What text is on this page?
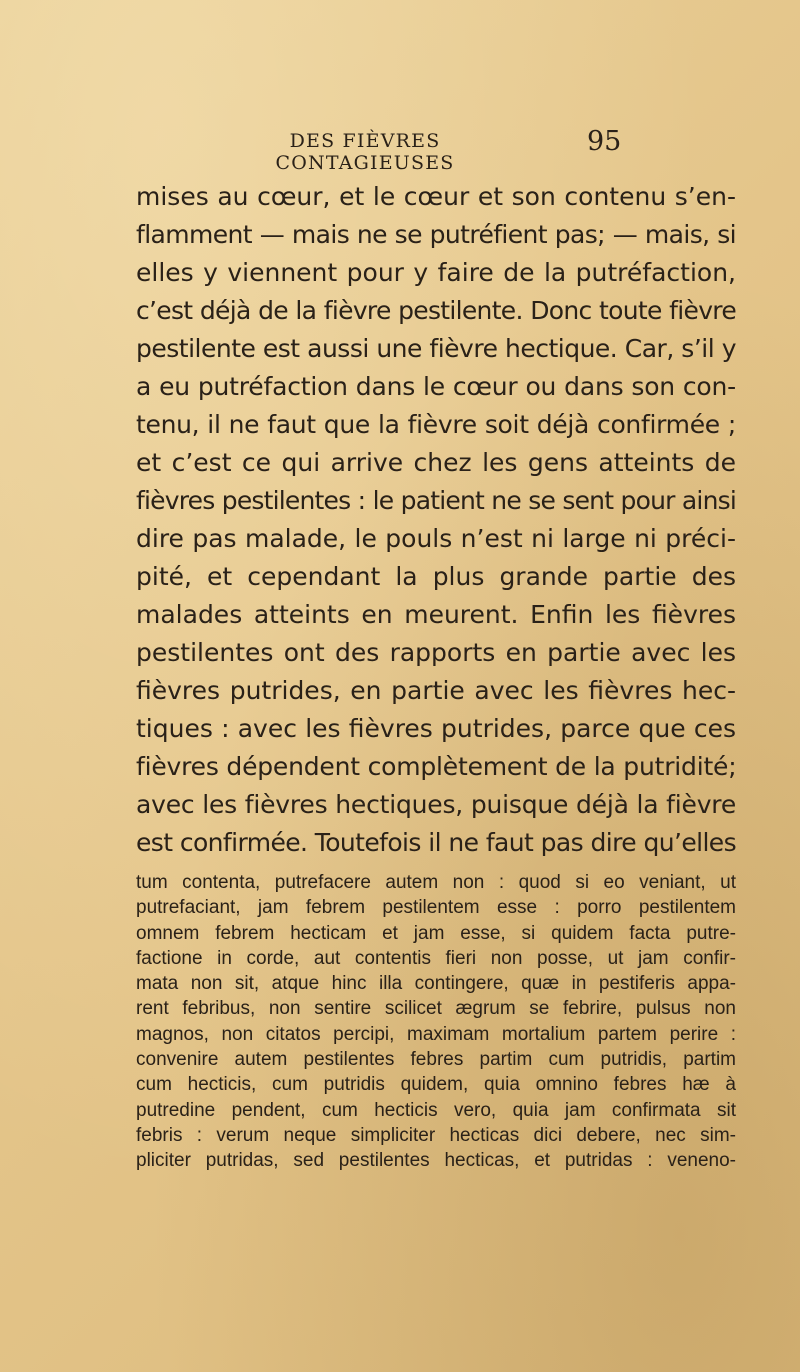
DES FIÈVRES CONTAGIEUSES
95
mises au cœur, et le cœur et son contenu s’en-
flamment — mais ne se putréfient pas; — mais, si
elles y viennent pour y faire de la putréfaction,
c’est déjà de la fièvre pestilente. Donc toute fièvre
pestilente est aussi une fièvre hectique. Car, s’il y
a eu putréfaction dans le cœur ou dans son con-
tenu, il ne faut que la fièvre soit déjà confirmée ;
et c’est ce qui arrive chez les gens atteints de
fièvres pestilentes : le patient ne se sent pour ainsi
dire pas malade, le pouls n’est ni large ni préci-
pité, et cependant la plus grande partie des
malades atteints en meurent. Enfin les fièvres
pestilentes ont des rapports en partie avec les
fièvres putrides, en partie avec les fièvres hec-
tiques : avec les fièvres putrides, parce que ces
fièvres dépendent complètement de la putridité;
avec les fièvres hectiques, puisque déjà la fièvre
est confirmée. Toutefois il ne faut pas dire qu’elles
tum contenta, putrefacere autem non : quod si eo veniant, ut
putrefaciant, jam febrem pestilentem esse : porro pestilentem
omnem febrem hecticam et jam esse, si quidem facta putre-
factione in corde, aut contentis fieri non posse, ut jam confir-
mata non sit, atque hinc illa contingere, quæ in pestiferis appa-
rent febribus, non sentire scilicet ægrum se febrire, pulsus non
magnos, non citatos percipi, maximam mortalium partem perire :
convenire autem pestilentes febres partim cum putridis, partim
cum hecticis, cum putridis quidem, quia omnino febres hæ à
putredine pendent, cum hecticis vero, quia jam confirmata sit
febris : verum neque simpliciter hecticas dici debere, nec sim-
pliciter putridas, sed pestilentes hecticas, et putridas : veneno-
